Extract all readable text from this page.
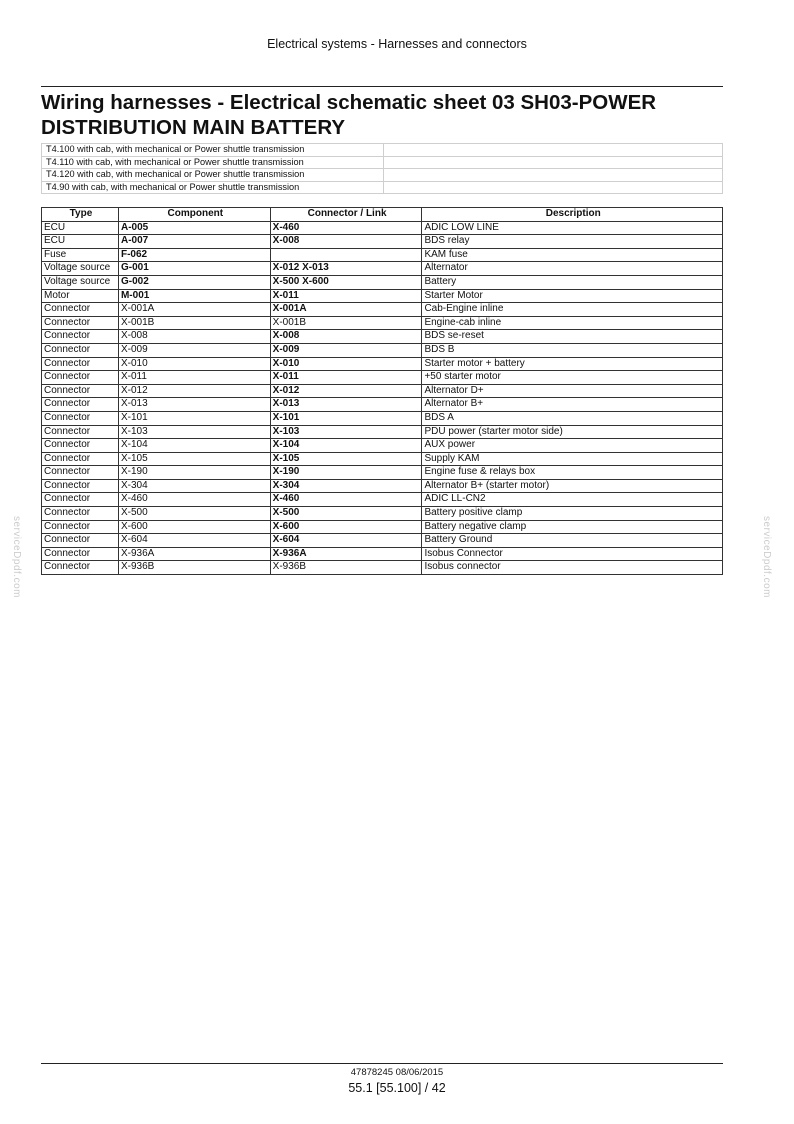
Electrical systems - Harnesses and connectors
Wiring harnesses - Electrical schematic sheet 03 SH03-POWER
DISTRIBUTION MAIN BATTERY
T4.100 with cab, with mechanical or Power shuttle transmission	
T4.110 with cab, with mechanical or Power shuttle transmission	
T4.120 with cab, with mechanical or Power shuttle transmission	
T4.90 with cab, with mechanical or Power shuttle transmission	
Type	Component	Connector / Link	Description
ECU	A-005	X-460	ADIC LOW LINE
ECU	A-007	X-008	BDS relay
Fuse	F-062		KAM fuse
Voltage source	G-001	X-012 X-013	Alternator
Voltage source	G-002	X-500 X-600	Battery
Motor	M-001	X-011	Starter Motor
Connector	X-001A	X-001A	Cab-Engine inline
Connector	X-001B	X-001B	Engine-cab inline
Connector	X-008	X-008	BDS se-reset
Connector	X-009	X-009	BDS B
Connector	X-010	X-010	Starter motor + battery
Connector	X-011	X-011	+50 starter motor
Connector	X-012	X-012	Alternator D+
Connector	X-013	X-013	Alternator B+
Connector	X-101	X-101	BDS A
Connector	X-103	X-103	PDU power (starter motor side)
Connector	X-104	X-104	AUX power
Connector	X-105	X-105	Supply KAM
Connector	X-190	X-190	Engine fuse & relays box
Connector	X-304	X-304	Alternator B+ (starter motor)
Connector	X-460	X-460	ADIC LL-CN2
Connector	X-500	X-500	Battery positive clamp
Connector	X-600	X-600	Battery negative clamp
Connector	X-604	X-604	Battery Ground
Connector	X-936A	X-936A	Isobus Connector
Connector	X-936B	X-936B	Isobus connector
serviceDpdf.com	serviceDpdf.com
47878245 08/06/2015
55.1 [55.100] / 42
